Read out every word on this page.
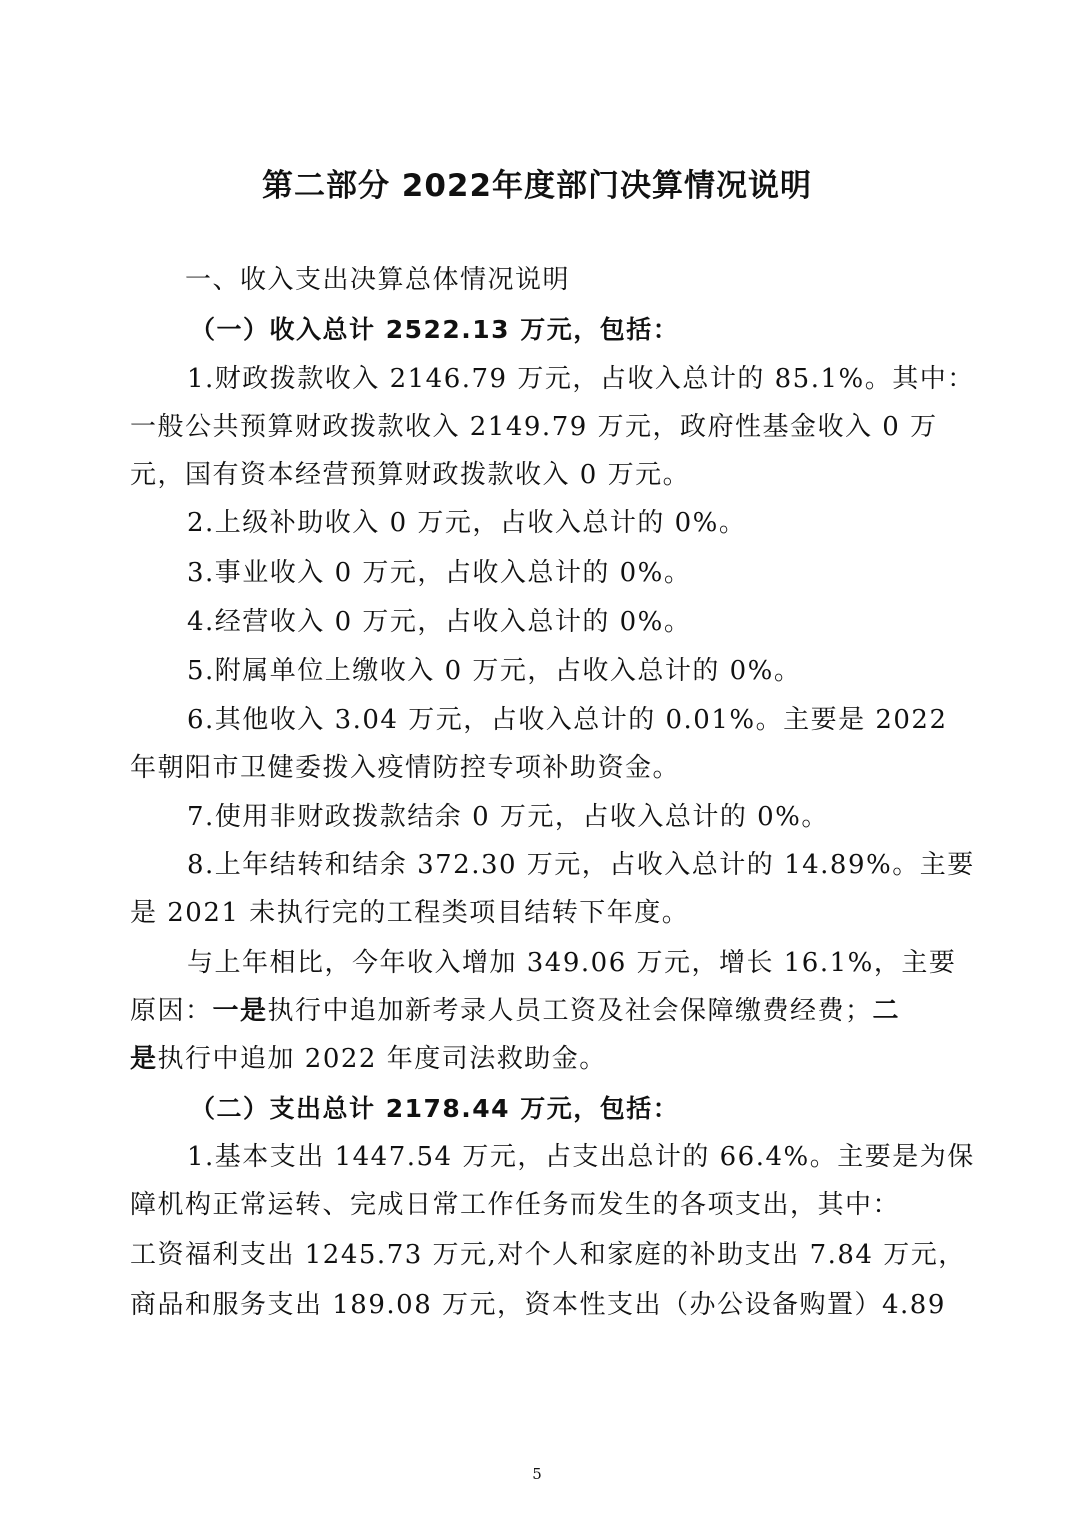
第二部分 2022年度部门决算情况说明
一、收入支出决算总体情况说明
（一）收入总计 2522.13 万元，包括：
1.财政拨款收入 2146.79 万元，占收入总计的 85.1%。其中：
一般公共预算财政拨款收入 2149.79 万元，政府性基金收入 0 万
元，国有资本经营预算财政拨款收入 0 万元。
2.上级补助收入 0 万元，占收入总计的 0%。
3.事业收入 0 万元，占收入总计的 0%。
4.经营收入 0 万元，占收入总计的 0%。
5.附属单位上缴收入 0 万元，占收入总计的 0%。
6.其他收入 3.04 万元，占收入总计的 0.01%。主要是 2022
年朝阳市卫健委拨入疫情防控专项补助资金。
7.使用非财政拨款结余 0 万元，占收入总计的 0%。
8.上年结转和结余 372.30 万元，占收入总计的 14.89%。主要
是 2021 未执行完的工程类项目结转下年度。
与上年相比，今年收入增加 349.06 万元，增长 16.1%，主要
原因：一是执行中追加新考录人员工资及社会保障缴费经费；二
是执行中追加 2022 年度司法救助金。
（二）支出总计 2178.44 万元，包括：
1.基本支出 1447.54 万元，占支出总计的 66.4%。主要是为保
障机构正常运转、完成日常工作任务而发生的各项支出，其中：
工资福利支出 1245.73 万元,对个人和家庭的补助支出 7.84 万元，
商品和服务支出 189.08 万元，资本性支出（办公设备购置）4.89
5
